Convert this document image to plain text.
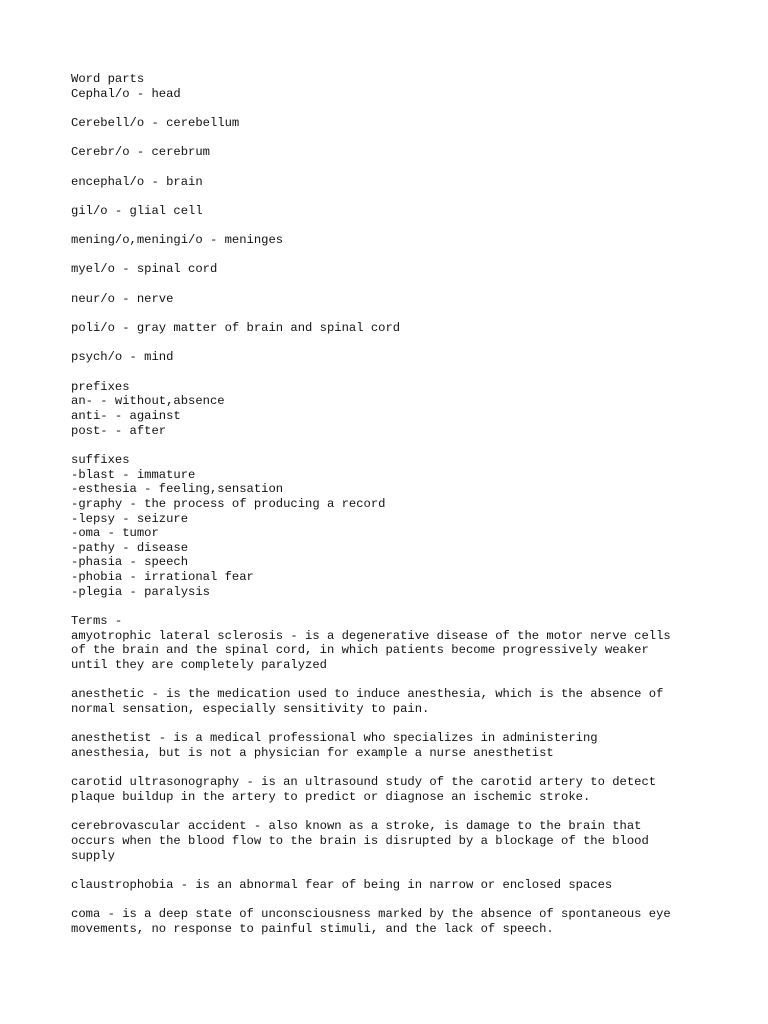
Word parts
Cephal/o - head
Cerebell/o - cerebellum
Cerebr/o - cerebrum
encephal/o - brain
gil/o - glial cell
mening/o,meningi/o - meninges
myel/o - spinal cord
neur/o - nerve
poli/o - gray matter of brain and spinal cord
psych/o - mind
prefixes
an- - without,absence
anti- - against
post- - after
suffixes
-blast - immature
-esthesia - feeling,sensation
-graphy - the process of producing a record
-lepsy - seizure
-oma - tumor
-pathy - disease
-phasia - speech
-phobia - irrational fear
-plegia - paralysis
Terms -
amyotrophic lateral sclerosis - is a degenerative disease of the motor nerve cells
of the brain and the spinal cord, in which patients become progressively weaker
until they are completely paralyzed
anesthetic - is the medication used to induce anesthesia, which is the absence of
normal sensation, especially sensitivity to pain.
anesthetist - is a medical professional who specializes in administering
anesthesia, but is not a physician for example a nurse anesthetist
carotid ultrasonography - is an ultrasound study of the carotid artery to detect
plaque buildup in the artery to predict or diagnose an ischemic stroke.
cerebrovascular accident - also known as a stroke, is damage to the brain that
occurs when the blood flow to the brain is disrupted by a blockage of the blood
supply
claustrophobia - is an abnormal fear of being in narrow or enclosed spaces
coma - is a deep state of unconsciousness marked by the absence of spontaneous eye
movements, no response to painful stimuli, and the lack of speech.
